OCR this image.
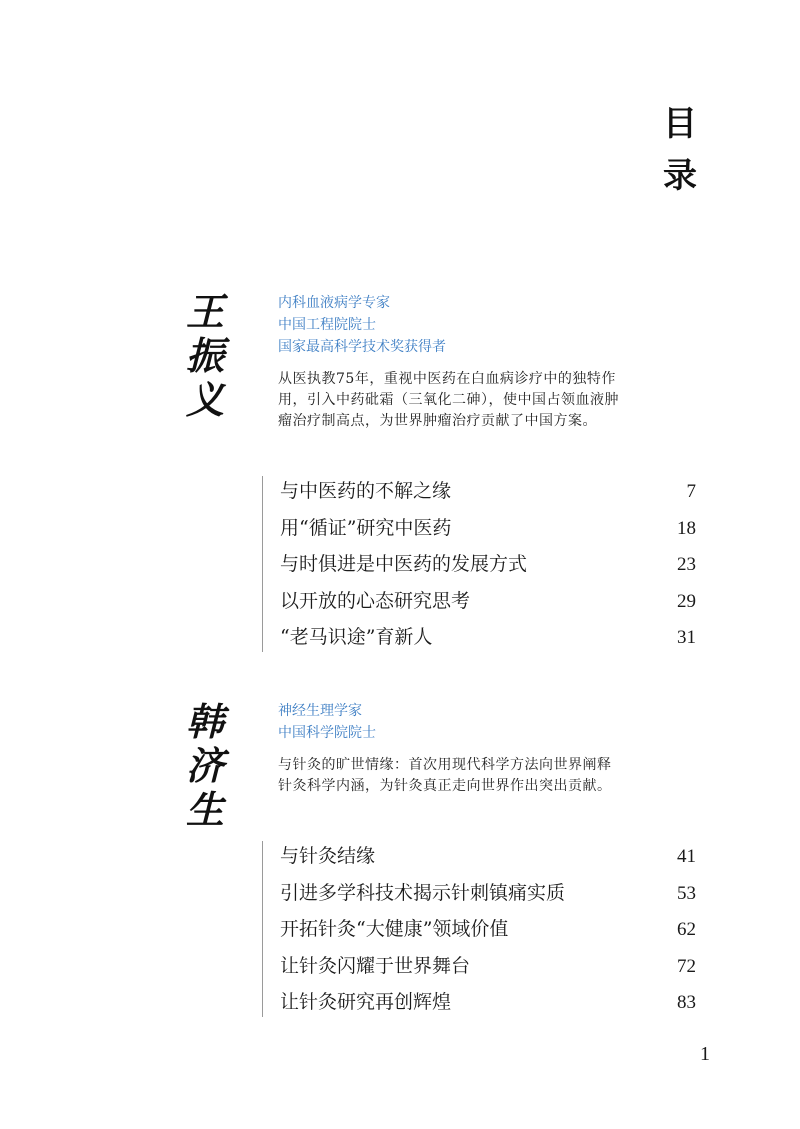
目
录
王
振
义
内科血液病学专家
中国工程院院士
国家最高科学技术奖获得者
从医执教75年，重视中医药在白血病诊疗中的独特作用，引入中药砒霜（三氧化二砷），使中国占领血液肿瘤治疗制高点，为世界肿瘤治疗贡献了中国方案。
与中医药的不解之缘	7
用“循证”研究中医药	18
与时俱进是中医药的发展方式	23
以开放的心态研究思考	29
“老马识途”育新人	31
韩
济
生
神经生理学家
中国科学院院士
与针灸的旷世情缘：首次用现代科学方法向世界阐释针灸科学内涵，为针灸真正走向世界作出突出贡献。
与针灸结缘	41
引进多学科技术揭示针刺镇痛实质	53
开拓针灸“大健康”领域价值	62
让针灸闪耀于世界舞台	72
让针灸研究再创辉煌	83
1
